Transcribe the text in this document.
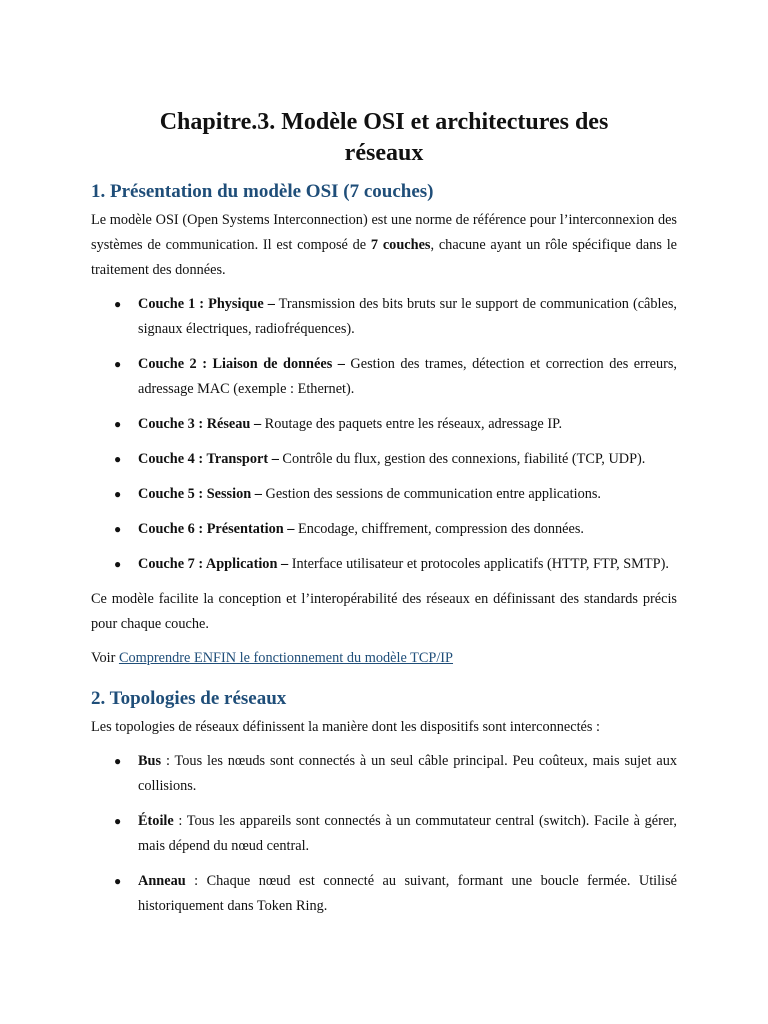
Chapitre.3. Modèle OSI et architectures des
réseaux
1. Présentation du modèle OSI (7 couches)

Le modèle OSI (Open Systems Interconnection) est une norme de référence pour l’interconnexion des systèmes de communication. Il est composé de 7 couches, chacune ayant un rôle spécifique dans le traitement des données.

● Couche 1 : Physique – Transmission des bits bruts sur le support de communication (câbles, signaux électriques, radiofréquences).
● Couche 2 : Liaison de données – Gestion des trames, détection et correction des erreurs, adressage MAC (exemple : Ethernet).
● Couche 3 : Réseau – Routage des paquets entre les réseaux, adressage IP.
● Couche 4 : Transport – Contrôle du flux, gestion des connexions, fiabilité (TCP, UDP).
● Couche 5 : Session – Gestion des sessions de communication entre applications.
● Couche 6 : Présentation – Encodage, chiffrement, compression des données.
● Couche 7 : Application – Interface utilisateur et protocoles applicatifs (HTTP, FTP, SMTP).

Ce modèle facilite la conception et l’interopérabilité des réseaux en définissant des standards précis pour chaque couche.

Voir Comprendre ENFIN le fonctionnement du modèle TCP/IP

2. Topologies de réseaux

Les topologies de réseaux définissent la manière dont les dispositifs sont interconnectés :

● Bus : Tous les nœuds sont connectés à un seul câble principal. Peu coûteux, mais sujet aux collisions.
● Étoile : Tous les appareils sont connectés à un commutateur central (switch). Facile à gérer, mais dépend du nœud central.
● Anneau : Chaque nœud est connecté au suivant, formant une boucle fermée. Utilisé historiquement dans Token Ring.
